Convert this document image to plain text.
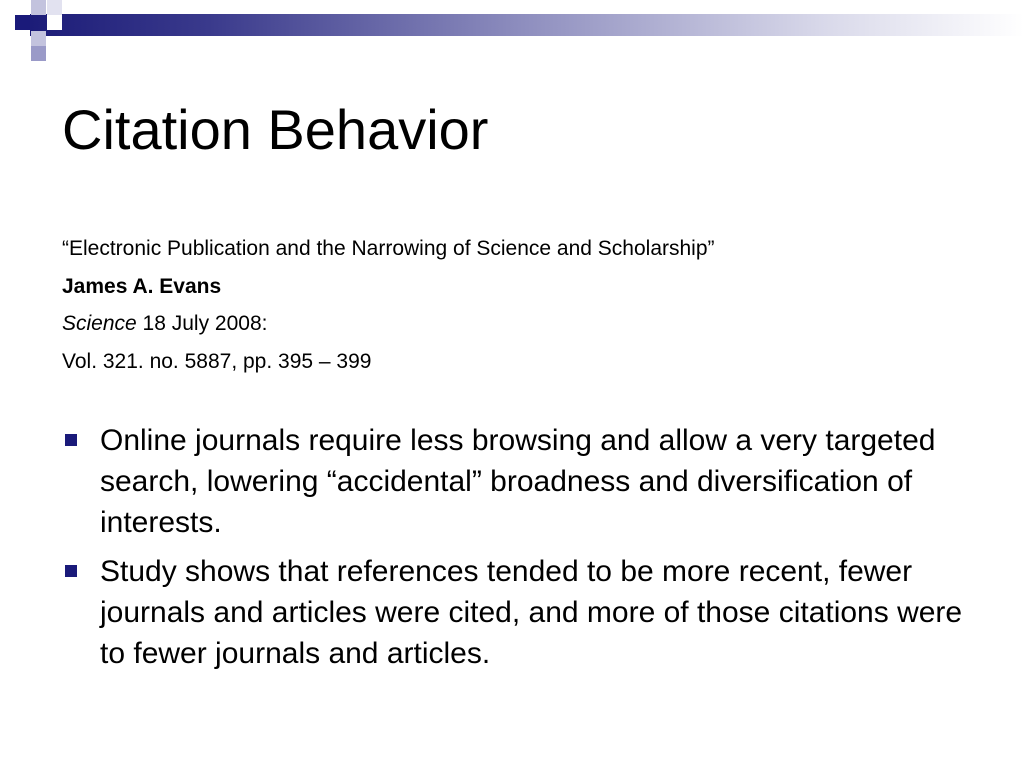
Citation Behavior
“Electronic Publication and the Narrowing of Science and Scholarship”
James A. Evans
Science 18 July 2008:
Vol. 321. no. 5887, pp. 395 – 399
Online journals require less browsing and allow a very targeted search, lowering “accidental” broadness and diversification of interests.
Study shows that references tended to be more recent, fewer journals and articles were cited, and more of those citations were to fewer journals and articles.
